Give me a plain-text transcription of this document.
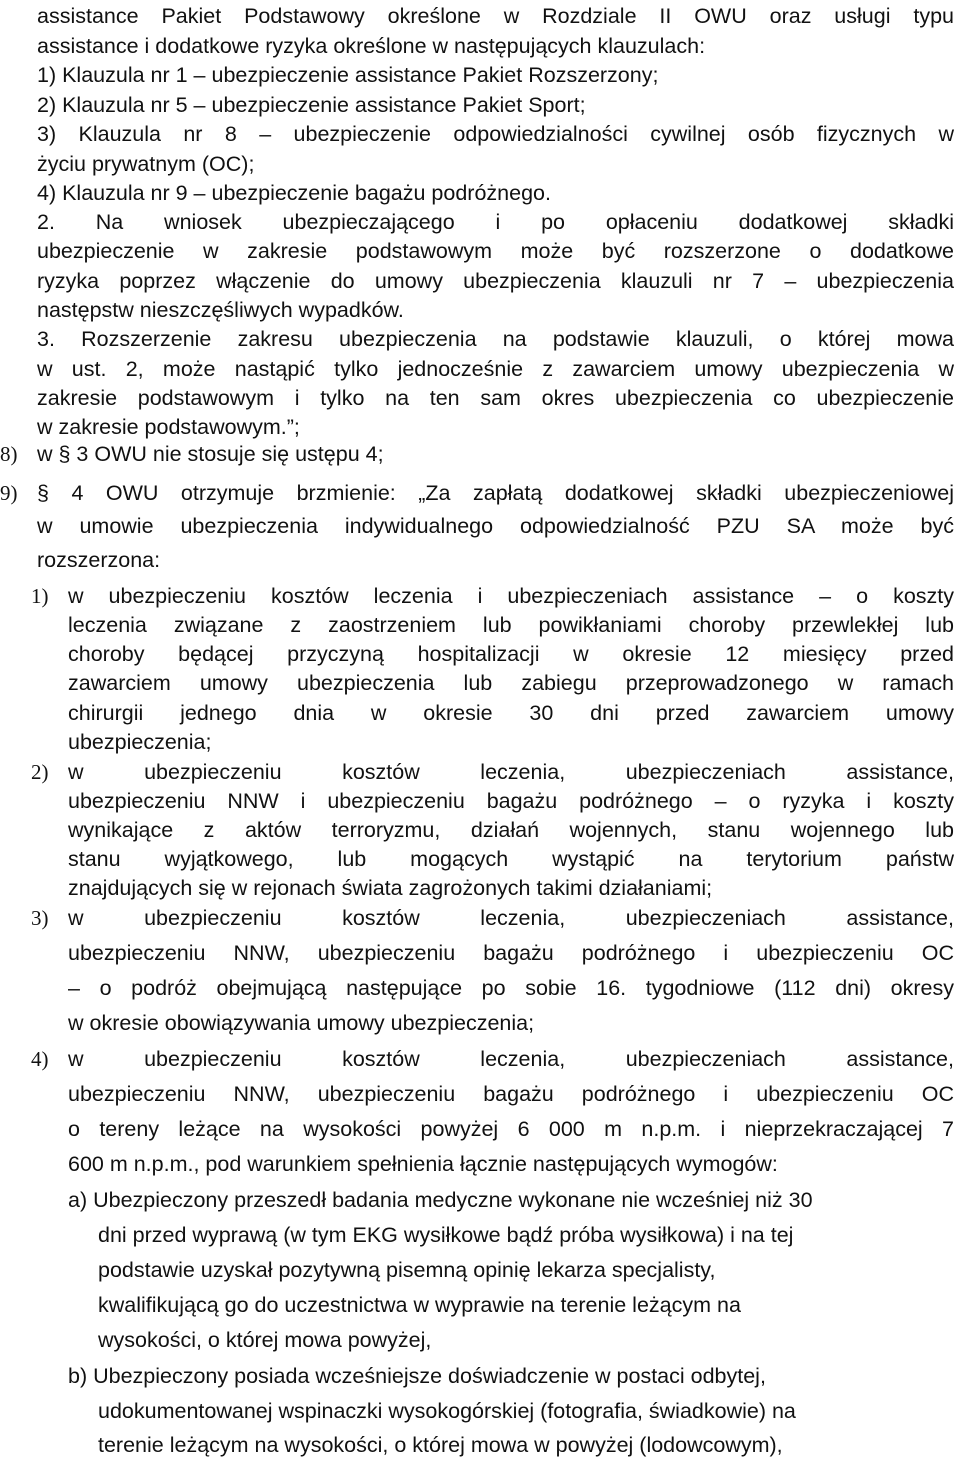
assistance Pakiet Podstawowy określone w Rozdziale II OWU oraz usługi typu
assistance i dodatkowe ryzyka określone w następujących klauzulach:
1) Klauzula nr 1 – ubezpieczenie assistance Pakiet Rozszerzony;
2) Klauzula nr 5 – ubezpieczenie assistance Pakiet Sport;
3) Klauzula nr 8 – ubezpieczenie odpowiedzialności cywilnej osób fizycznych w
życiu prywatnym (OC);
4) Klauzula nr 9 – ubezpieczenie bagażu podróżnego.
2. Na wniosek ubezpieczającego i po opłaceniu dodatkowej składki
ubezpieczenie w zakresie podstawowym może być rozszerzone o dodatkowe
ryzyka poprzez włączenie do umowy ubezpieczenia klauzuli nr 7 – ubezpieczenia
następstw nieszczęśliwych wypadków.
3. Rozszerzenie zakresu ubezpieczenia na podstawie klauzuli, o której mowa
w ust. 2, może nastąpić tylko jednocześnie z zawarciem umowy ubezpieczenia w
zakresie podstawowym i tylko na ten sam okres ubezpieczenia co ubezpieczenie
w zakresie podstawowym.”;
8) w § 3 OWU nie stosuje się ustępu 4;
9) § 4 OWU otrzymuje brzmienie: „Za zapłatą dodatkowej składki ubezpieczeniowej
w umowie ubezpieczenia indywidualnego odpowiedzialność PZU SA może być
rozszerzona:
1) w ubezpieczeniu kosztów leczenia i ubezpieczeniach assistance – o koszty
leczenia związane z zaostrzeniem lub powikłaniami choroby przewlekłej lub
choroby będącej przyczyną hospitalizacji w okresie 12 miesięcy przed
zawarciem umowy ubezpieczenia lub zabiegu przeprowadzonego w ramach
chirurgii jednego dnia w okresie 30 dni przed zawarciem umowy
ubezpieczenia;
2) w ubezpieczeniu kosztów leczenia, ubezpieczeniach assistance,
ubezpieczeniu NNW i ubezpieczeniu bagażu podróżnego – o ryzyka i koszty
wynikające z aktów terroryzmu, działań wojennych, stanu wojennego lub
stanu wyjątkowego, lub mogących wystąpić na terytorium państw
znajdujących się w rejonach świata zagrożonych takimi działaniami;
3) w ubezpieczeniu kosztów leczenia, ubezpieczeniach assistance,
ubezpieczeniu NNW, ubezpieczeniu bagażu podróżnego i ubezpieczeniu OC
– o podróż obejmującą następujące po sobie 16. tygodniowe (112 dni) okresy
w okresie obowiązywania umowy ubezpieczenia;
4) w ubezpieczeniu kosztów leczenia, ubezpieczeniach assistance,
ubezpieczeniu NNW, ubezpieczeniu bagażu podróżnego i ubezpieczeniu OC
o tereny leżące na wysokości powyżej 6 000 m n.p.m. i nieprzekraczającej 7
600 m n.p.m., pod warunkiem spełnienia łącznie następujących wymogów:
a) Ubezpieczony przeszedł badania medyczne wykonane nie wcześniej niż 30
dni przed wyprawą (w tym EKG wysiłkowe bądź próba wysiłkowa) i na tej
podstawie uzyskał pozytywną pisemną opinię lekarza specjalisty,
kwalifikującą go do uczestnictwa w wyprawie na terenie leżącym na
wysokości, o której mowa powyżej,
b) Ubezpieczony posiada wcześniejsze doświadczenie w postaci odbytej,
udokumentowanej wspinaczki wysokogórskiej (fotografia, świadkowie) na
terenie leżącym na wysokości, o której mowa w powyżej (lodowcowym),
